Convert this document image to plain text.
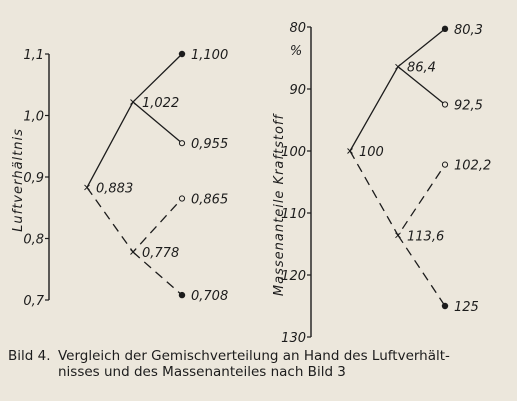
0,7
0,8
0,9
1,0
1,1
Luftverhältnis	0,883
1,022
1,100
0,955
0,778
0,865
0,708
80
90
100
110
120
130
Massenanteile Kraftstoff
%
100
86,4
80,3
92,5
113,6
102,2
125
Bild 4. Vergleich der Gemischverteilung an Hand des Luftverhält-
nisses und des Massenanteiles nach Bild 3
